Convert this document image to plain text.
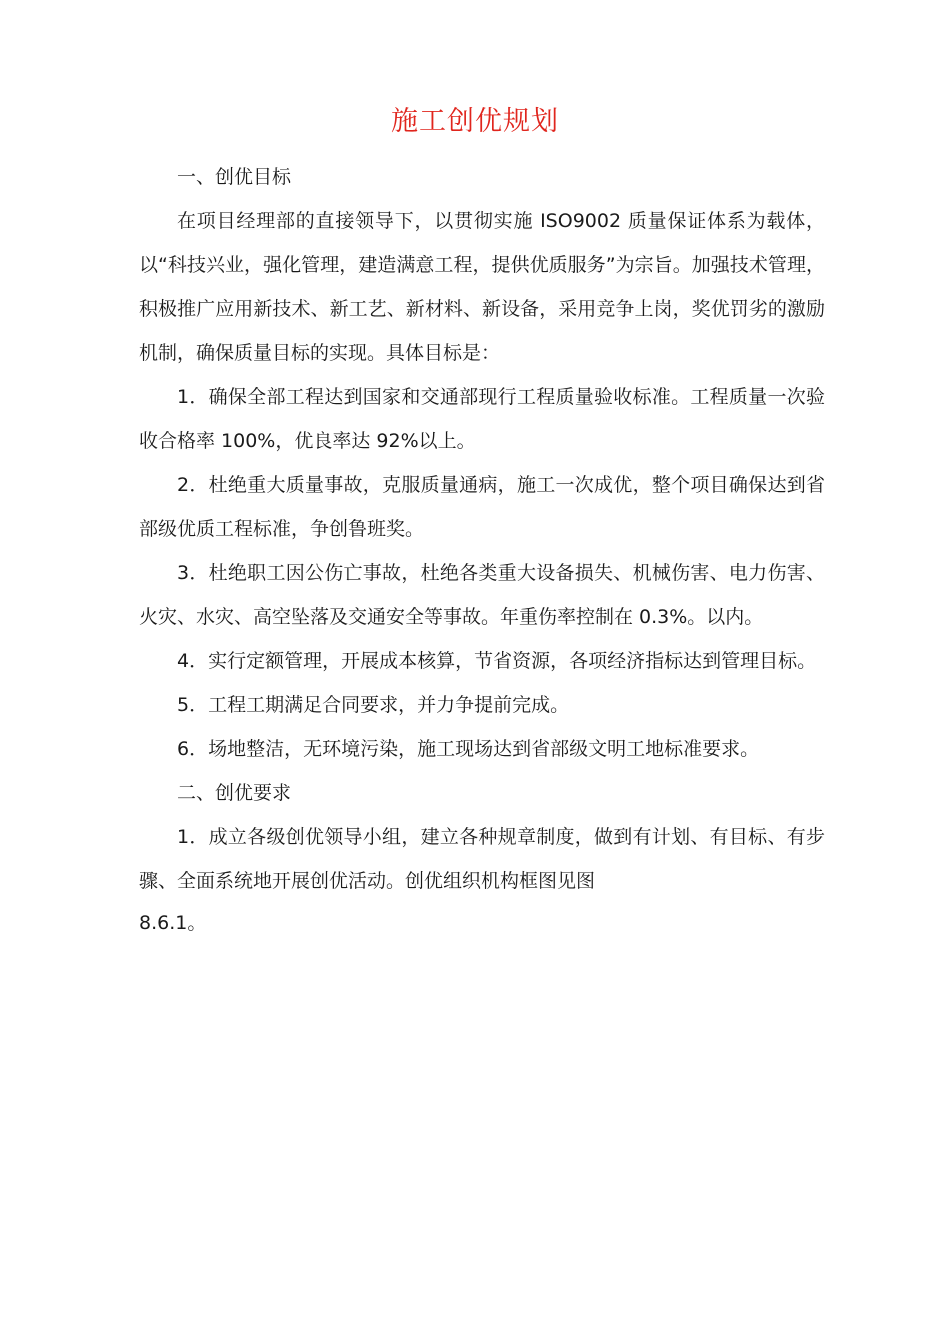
施工创优规划

一、创优目标

在项目经理部的直接领导下，以贯彻实施 ISO9002 质量保证体系为载体，以“科技兴业，强化管理，建造满意工程，提供优质服务”为宗旨。加强技术管理，积极推广应用新技术、新工艺、新材料、新设备，采用竞争上岗，奖优罚劣的激励机制，确保质量目标的实现。具体目标是：

1．确保全部工程达到国家和交通部现行工程质量验收标准。工程质量一次验收合格率 100%，优良率达 92%以上。

2．杜绝重大质量事故，克服质量通病，施工一次成优，整个项目确保达到省部级优质工程标准，争创鲁班奖。

3．杜绝职工因公伤亡事故，杜绝各类重大设备损失、机械伤害、电力伤害、火灾、水灾、高空坠落及交通安全等事故。年重伤率控制在 0.3%。以内。

4．实行定额管理，开展成本核算，节省资源，各项经济指标达到管理目标。

5．工程工期满足合同要求，并力争提前完成。

6．场地整洁，无环境污染，施工现场达到省部级文明工地标准要求。

二、创优要求

1．成立各级创优领导小组，建立各种规章制度，做到有计划、有目标、有步骤、全面系统地开展创优活动。创优组织机构框图见图

8.6.1。
